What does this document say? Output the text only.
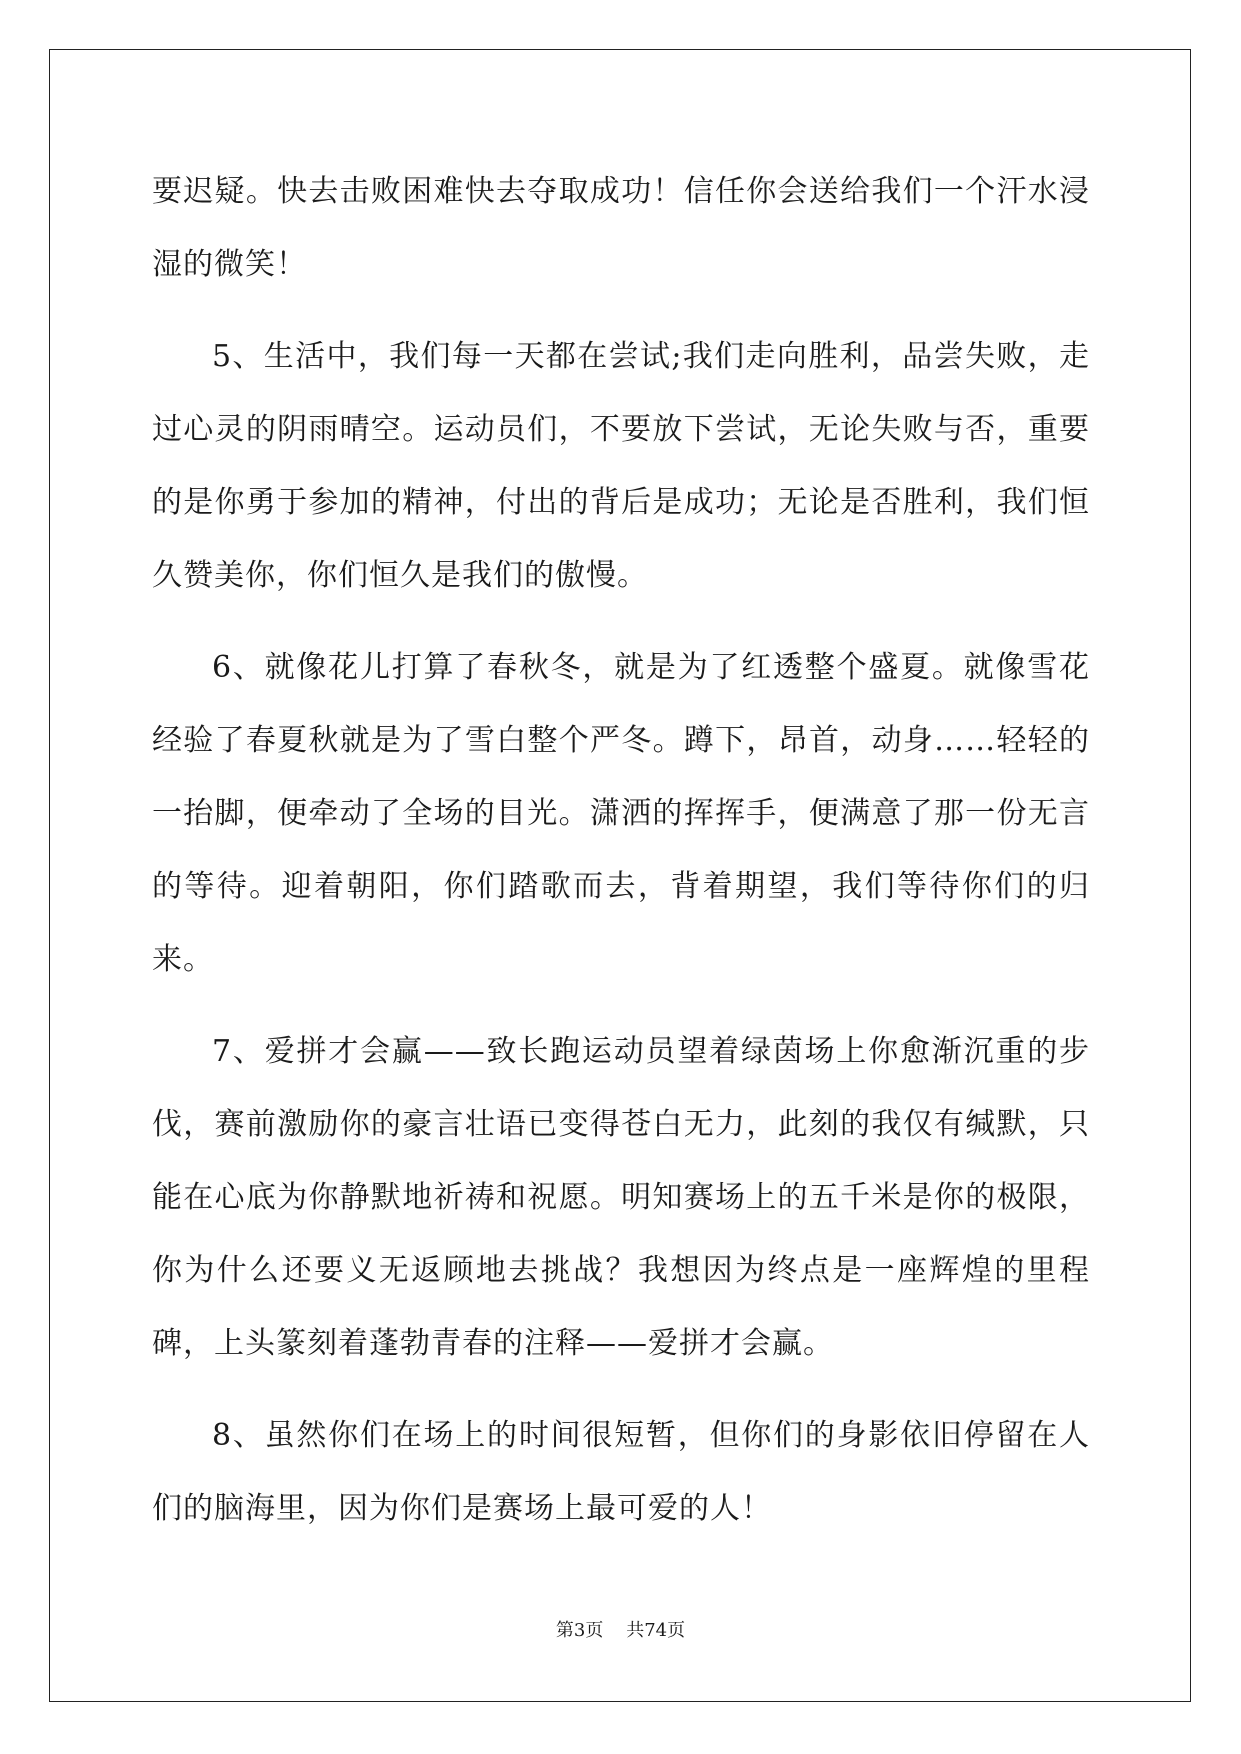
要迟疑。快去击败困难快去夺取成功！信任你会送给我们一个汗水浸湿的微笑！

5、生活中，我们每一天都在尝试;我们走向胜利，品尝失败，走过心灵的阴雨晴空。运动员们，不要放下尝试，无论失败与否，重要的是你勇于参加的精神，付出的背后是成功；无论是否胜利，我们恒久赞美你，你们恒久是我们的傲慢。

6、就像花儿打算了春秋冬，就是为了红透整个盛夏。就像雪花经验了春夏秋就是为了雪白整个严冬。蹲下，昂首，动身……轻轻的一抬脚，便牵动了全场的目光。潇洒的挥挥手，便满意了那一份无言的等待。迎着朝阳，你们踏歌而去，背着期望，我们等待你们的归来。

7、爱拼才会赢——致长跑运动员望着绿茵场上你愈渐沉重的步伐，赛前激励你的豪言壮语已变得苍白无力，此刻的我仅有缄默，只能在心底为你静默地祈祷和祝愿。明知赛场上的五千米是你的极限，你为什么还要义无返顾地去挑战？我想因为终点是一座辉煌的里程碑，上头篆刻着蓬勃青春的注释——爱拼才会赢。

8、虽然你们在场上的时间很短暂，但你们的身影依旧停留在人们的脑海里，因为你们是赛场上最可爱的人！

第3页 共74页
